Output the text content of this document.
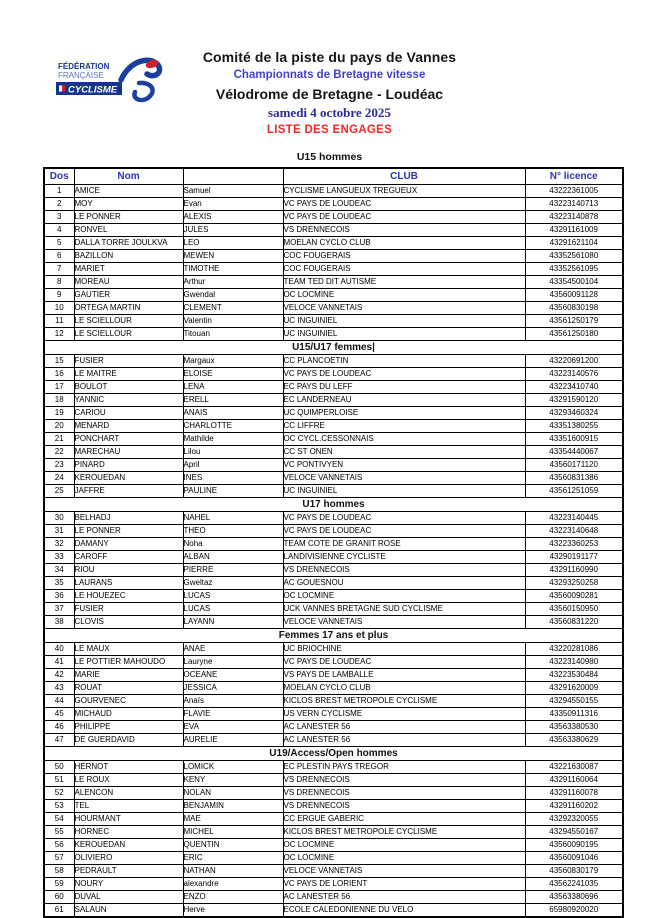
FÉDÉRATION
FRANÇAISE
CYCLISME
Comité de la piste du pays de Vannes
Championnats de Bretagne vitesse
Vélodrome de Bretagne - Loudéac
samedi 4 octobre 2025
LISTE DES ENGAGES
U15 hommes
Dos	Nom		CLUB	N° licence
1	AMICE	Samuel	CYCLISME LANGUEUX TREGUEUX	43222361005
2	MOY	Evan	VC PAYS DE LOUDEAC	43223140713
3	LE PONNER	ALEXIS	VC PAYS DE LOUDEAC	43223140878
4	RONVEL	JULES	VS DRENNECOIS	43291161009
5	DALLA TORRE JOULKVA	LEO	MOELAN CYCLO CLUB	43291621104
6	BAZILLON	MEWEN	COC FOUGERAIS	43352561080
7	MARIET	TIMOTHE	COC FOUGERAIS	43352561095
8	MOREAU	Arthur	TEAM TED DIT AUTISME	43354500104
9	GAUTIER	Gwendal	OC LOCMINE	43560091128
10	ORTEGA MARTIN	CLEMENT	VELOCE VANNETAIS	43560830198
11	LE SCIELLOUR	Valentin	UC INGUINIEL	43561250179
12	LE SCIELLOUR	Titouan	UC INGUINIEL	43561250180
U15/U17 femmes|				
15	FUSIER	Margaux	CC PLANCOETIN	43220691200
16	LE MAITRE	ELOISE	VC PAYS DE LOUDEAC	43223140576
17	BOULOT	LENA	EC PAYS DU LEFF	43223410740
18	YANNIC	ERELL	EC LANDERNEAU	43291590120
19	CARIOU	ANAIS	UC QUIMPERLOISE	43293460324
20	MENARD	CHARLOTTE	CC LIFFRE	43351380255
21	PONCHART	Mathilde	OC CYCL.CESSONNAIS	43351600915
22	MARECHAU	Lilou	CC ST ONEN	43354440067
23	PINARD	April	VC PONTIVYEN	43560171120
24	KEROUEDAN	INES	VELOCE VANNETAIS	43560831386
25	JAFFRE	PAULINE	UC INGUINIEL	43561251059
U17 hommes				
30	BELHADJ	NAHEL	VC PAYS DE LOUDEAC	43223140445
31	LE PONNER	THEO	VC PAYS DE LOUDEAC	43223140648
32	DAMANY	Noha	TEAM COTE DE GRANIT ROSE	43223360253
33	CAROFF	ALBAN	LANDIVISIENNE CYCLISTE	43290191177
34	RIOU	PIERRE	VS DRENNECOIS	43291160990
35	LAURANS	Gweltaz	AC GOUESNOU	43293250258
36	LE HOUEZEC	LUCAS	OC LOCMINE	43560090281
37	FUSIER	LUCAS	UCK VANNES BRETAGNE SUD CYCLISME	43560150950
38	CLOVIS	LAYANN	VELOCE VANNETAIS	43560831220
Femmes 17 ans et plus				
40	LE MAUX	ANAE	UC BRIOCHINE	43220281086
41	LE POTTIER MAHOUDO	Lauryne	VC PAYS DE LOUDEAC	43223140980
42	MARIE	OCEANE	VS PAYS DE LAMBALLE	43223530484
43	ROUAT	JESSICA	MOELAN CYCLO CLUB	43291620009
44	GOURVENEC	Anaïs	KICLOS BREST METROPOLE CYCLISME	43294550155
45	MICHAUD	FLAVIE	US VERN CYCLISME	43350911316
46	PHILIPPE	EVA	AC LANESTER 56	43563380530
47	DE GUERDAVID	AURELIE	AC LANESTER 56	43563380629
U19/Access/Open hommes				
50	HERNOT	LOMICK	EC PLESTIN PAYS TREGOR	43221630087
51	LE ROUX	KENY	VS DRENNECOIS	43291160064
52	ALENCON	NOLAN	VS DRENNECOIS	43291160078
53	TEL	BENJAMIN	VS DRENNECOIS	43291160202
54	HOURMANT	MAE	CC ERGUE GABERIC	43292320055
55	HORNEC	MICHEL	KICLOS BREST METROPOLE CYCLISME	43294550167
56	KEROUEDAN	QUENTIN	OC LOCMINE	43560090195
57	OLIVIERO	ERIC	OC LOCMINE	43560091046
58	PEDRAULT	NATHAN	VELOCE VANNETAIS	43560830179
59	NOURY	alexandre	VC PAYS DE LORIENT	43562241035
60	DUVAL	ENZO	AC LANESTER 56	43563380696
61	SALAUN	Herve	ECOLE CALEDONIENNE DU VELO	65980920020
